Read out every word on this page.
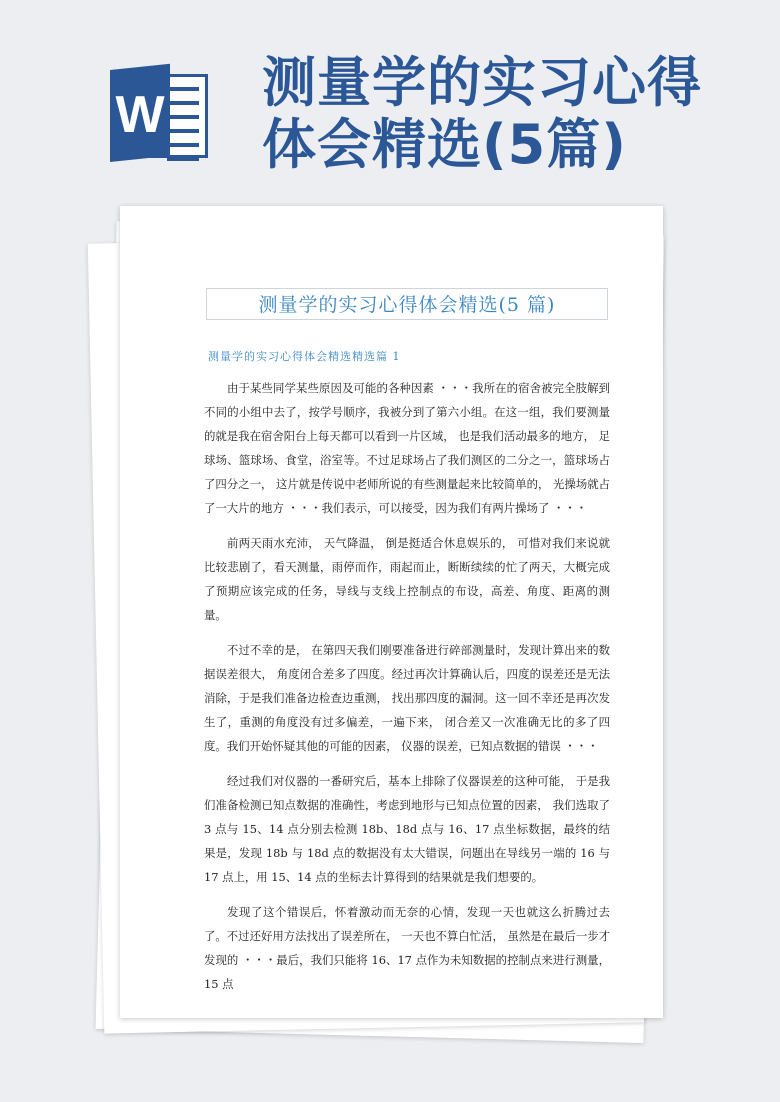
W
测量学的实习心得体会精选(5篇)
测量学的实习心得体会精选(5 篇)
测量学的实习心得体会精选精选篇 1

由于某些同学某些原因及可能的各种因素 ・・・我所在的宿舍被完全肢解到不同的小组中去了，按学号顺序，我被分到了第六小组。在这一组，我们要测量的就是我在宿舍阳台上每天都可以看到一片区域， 也是我们活动最多的地方， 足球场、篮球场、食堂，浴室等。不过足球场占了我们测区的二分之一，篮球场占了四分之一， 这片就是传说中老师所说的有些测量起来比较简单的， 光操场就占了一大片的地方 ・・・我们表示，可以接受，因为我们有两片操场了 ・・・

前两天雨水充沛， 天气降温， 倒是挺适合休息娱乐的， 可惜对我们来说就比较悲剧了，看天测量，雨停而作，雨起而止，断断续续的忙了两天，大概完成了预期应该完成的任务，导线与支线上控制点的布设，高差、角度、距离的测量。

不过不幸的是， 在第四天我们刚要准备进行碎部测量时，发现计算出来的数据误差很大， 角度闭合差多了四度。经过再次计算确认后，四度的误差还是无法消除，于是我们准备边检查边重测， 找出那四度的漏洞。这一回不幸还是再次发生了，重测的角度没有过多偏差，一遍下来， 闭合差又一次准确无比的多了四度。我们开始怀疑其他的可能的因素， 仪器的误差，已知点数据的错误 ・・・

经过我们对仪器的一番研究后，基本上排除了仪器误差的这种可能， 于是我们准备检测已知点数据的准确性，考虑到地形与已知点位置的因素， 我们选取了 3 点与 15、14 点分别去检测 18b、18d 点与 16、17 点坐标数据，最终的结果是，发现 18b 与 18d 点的数据没有太大错误，问题出在导线另一端的 16 与 17 点上，用 15、14 点的坐标去计算得到的结果就是我们想要的。

发现了这个错误后，怀着激动而无奈的心情，发现一天也就这么折腾过去了。不过还好用方法找出了误差所在， 一天也不算白忙活， 虽然是在最后一步才发现的 ・・・最后，我们只能将 16、17 点作为未知数据的控制点来进行测量， 15 点
